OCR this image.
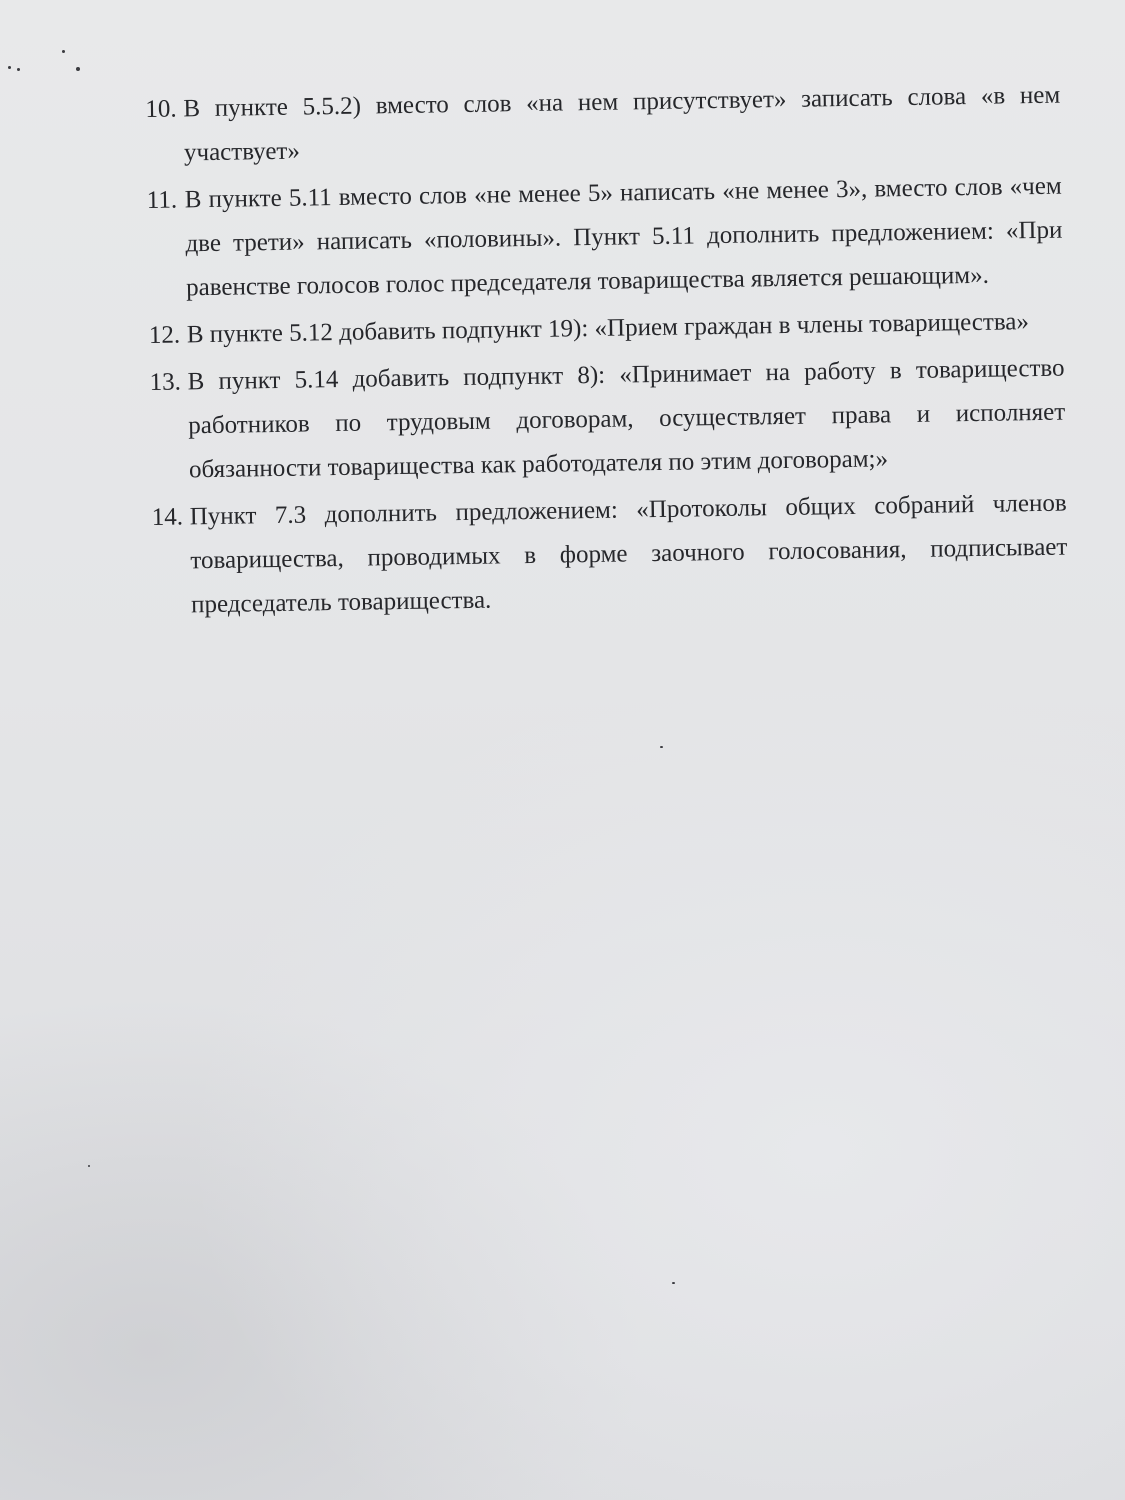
10. В пункте 5.5.2) вместо слов «на нем присутствует» записать слова «в нем участвует»
11. В пункте 5.11 вместо слов «не менее 5» написать «не менее 3», вместо слов «чем две трети» написать «половины». Пункт 5.11 дополнить предложением: «При равенстве голосов голос председателя товарищества является решающим».
12. В пункте 5.12 добавить подпункт 19): «Прием граждан в члены товарищества»
13. В пункт 5.14 добавить подпункт 8): «Принимает на работу в товарищество работников по трудовым договорам, осуществляет права и исполняет обязанности товарищества как работодателя по этим договорам;»
14. Пункт 7.3 дополнить предложением: «Протоколы общих собраний членов товарищества, проводимых в форме заочного голосования, подписывает председатель товарищества.
